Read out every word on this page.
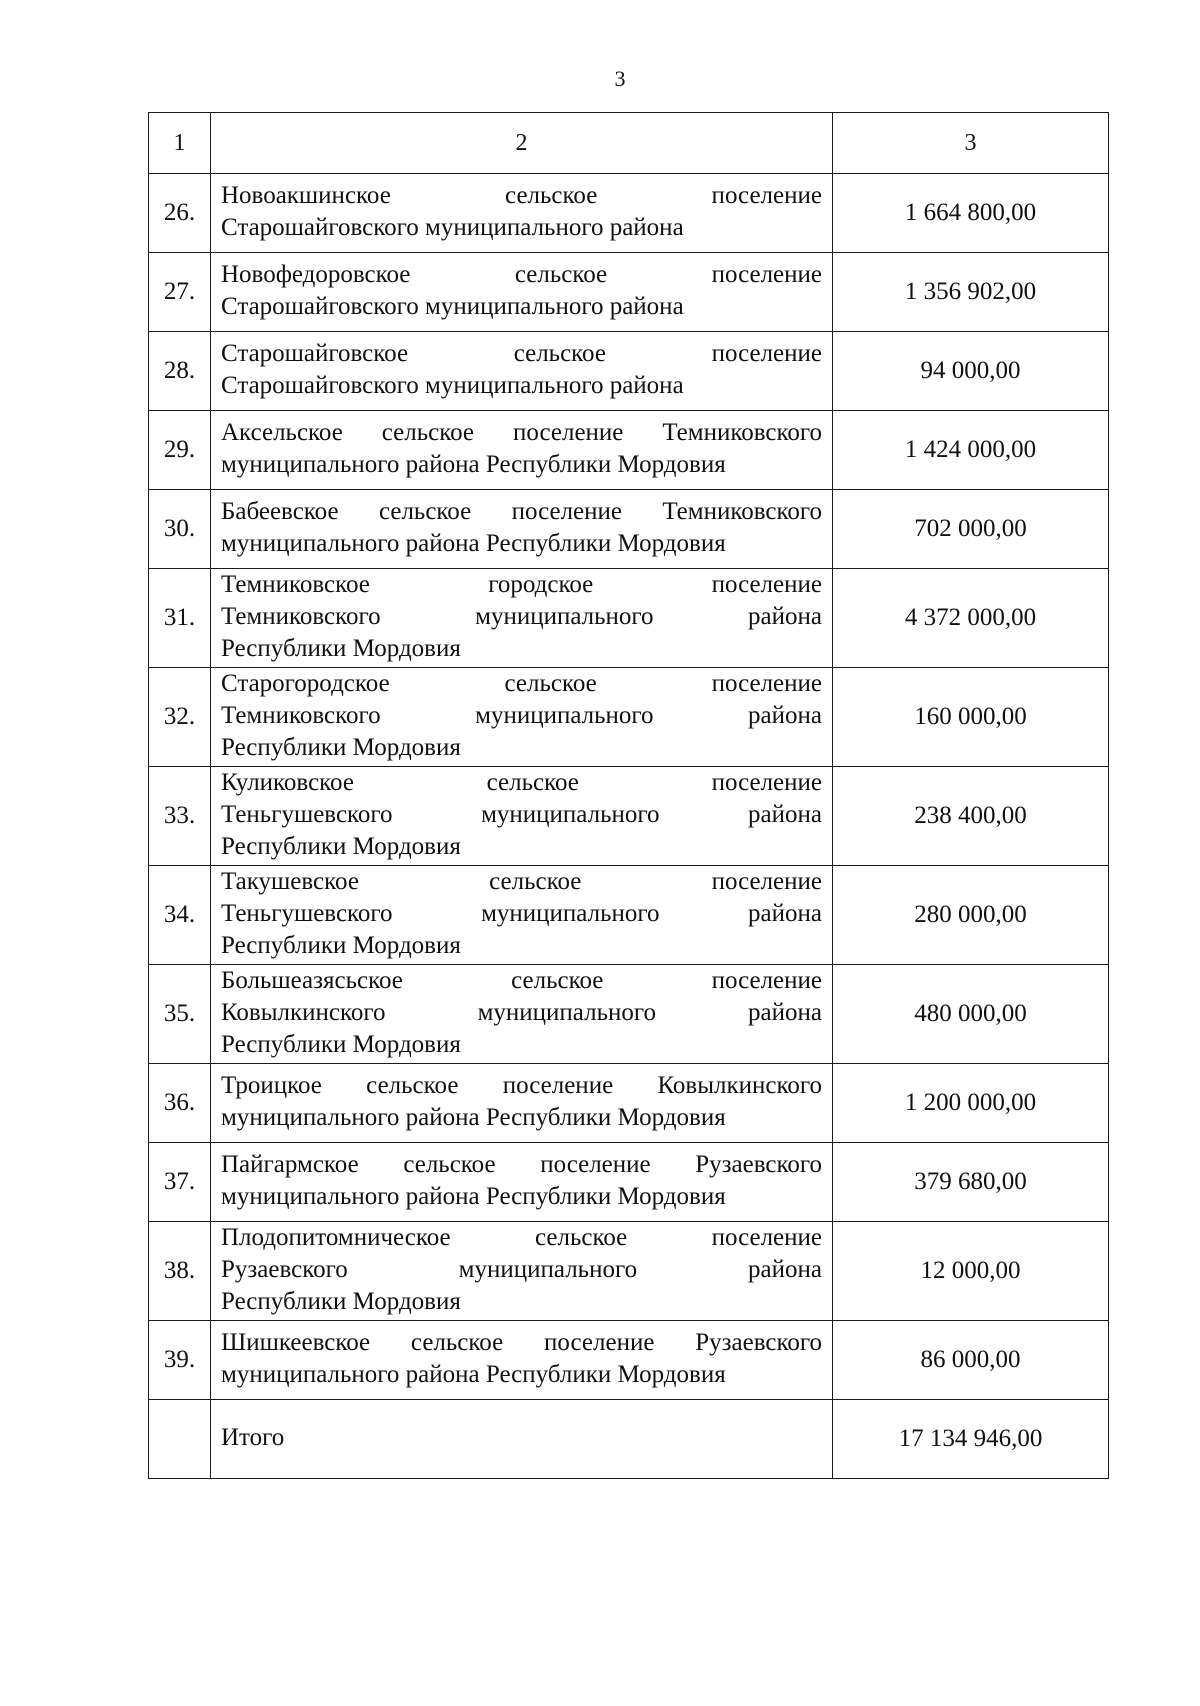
3
1	2	3
26.	Новоакшинское сельское поселение
Старошайговского муниципального района	1 664 800,00
27.	Новофедоровское сельское поселение
Старошайговского муниципального района	1 356 902,00
28.	Старошайговское сельское поселение
Старошайговского муниципального района	94 000,00
29.	Аксельское сельское поселение Темниковского
муниципального района Республики Мордовия	1 424 000,00
30.	Бабеевское сельское поселение Темниковского
муниципального района Республики Мордовия	702 000,00
31.	Темниковское городское поселение
Темниковского муниципального района
Республики Мордовия	4 372 000,00
32.	Старогородское сельское поселение
Темниковского муниципального района
Республики Мордовия	160 000,00
33.	Куликовское сельское поселение
Теньгушевского муниципального района
Республики Мордовия	238 400,00
34.	Такушевское сельское поселение
Теньгушевского муниципального района
Республики Мордовия	280 000,00
35.	Большеазясьское сельское поселение
Ковылкинского муниципального района
Республики Мордовия	480 000,00
36.	Троицкое сельское поселение Ковылкинского
муниципального района Республики Мордовия	1 200 000,00
37.	Пайгармское сельское поселение Рузаевского
муниципального района Республики Мордовия	379 680,00
38.	Плодопитомническое сельское поселение
Рузаевского муниципального района
Республики Мордовия	12 000,00
39.	Шишкеевское сельское поселение Рузаевского
муниципального района Республики Мордовия	86 000,00
	Итого	17 134 946,00
